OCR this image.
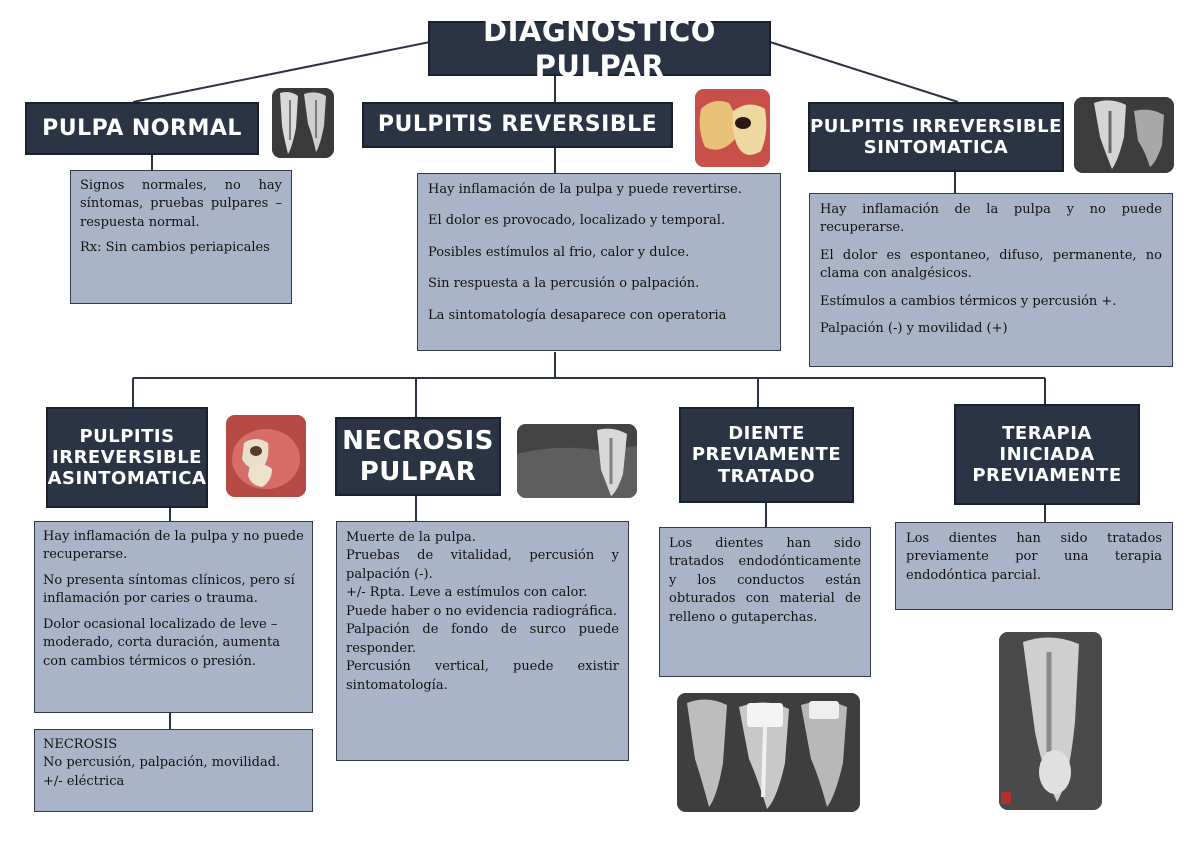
DIAGNOSTICO PULPAR
PULPA NORMAL

Signos normales, no hay síntomas, pruebas pulpares – respuesta normal.

Rx: Sin cambios periapicales

PULPITIS REVERSIBLE

Hay inflamación de la pulpa y puede revertirse.

El dolor es provocado, localizado y temporal.

Posibles estímulos al frio, calor y dulce.

Sin respuesta a la percusión o palpación.

La sintomatología desaparece con operatoria

PULPITIS IRREVERSIBLE
SINTOMATICA

Hay inflamación de la pulpa y no puede recuperarse.

El dolor es espontaneo, difuso, permanente, no clama con analgésicos.

Estímulos a cambios térmicos y percusión +.

Palpación (-) y movilidad (+)

PULPITIS
IRREVERSIBLE
ASINTOMATICA

Hay inflamación de la pulpa y no puede recuperarse.

No presenta síntomas clínicos, pero sí inflamación por caries o trauma.

Dolor ocasional localizado de leve – moderado, corta duración, aumenta con cambios térmicos o presión.

NECROSIS

No percusión, palpación, movilidad.

+/- eléctrica

NECROSIS
PULPAR

Muerte de la pulpa.

Pruebas de vitalidad, percusión y palpación (-).

+/- Rpta. Leve a estímulos con calor.

Puede haber o no evidencia radiográfica.

Palpación de fondo de surco puede responder.

Percusión vertical, puede existir sintomatología.

DIENTE
PREVIAMENTE
TRATADO

Los dientes han sido tratados endodónticamente y los conductos están obturados con material de relleno o gutaperchas.

TERAPIA
INICIADA
PREVIAMENTE

Los dientes han sido tratados previamente por una terapia endodóntica parcial.
